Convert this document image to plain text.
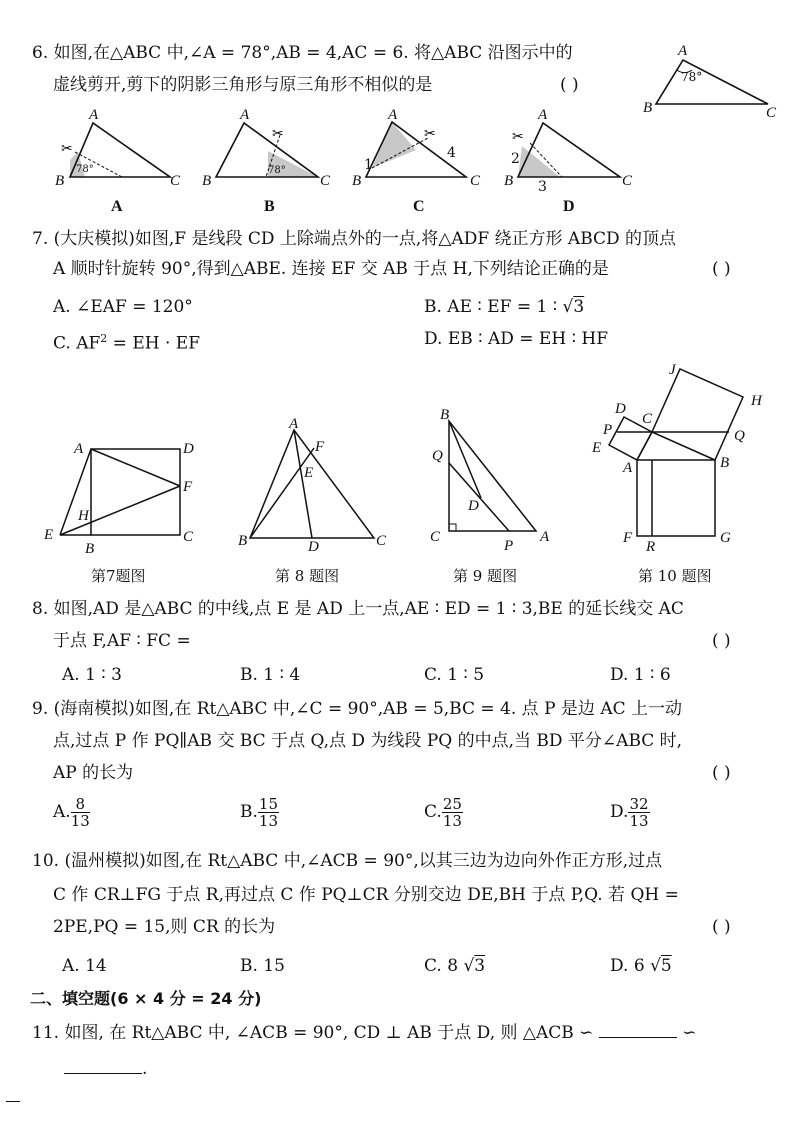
6. 如图,在△ABC 中,∠A = 78°,AB = 4,AC = 6. 将△ABC 沿图示中的
虚线剪开,剪下的阴影三角形与原三角形不相似的是	( )
A
B	C
78°
✂
✂	✂	✂
A
B	C
78°
A
A
B	C
78°
B
A
B	C
1
4
C
A
B	C
2
3
D
7. (大庆模拟)如图,F 是线段 CD 上除端点外的一点,将△ADF 绕正方形 ABCD 的顶点
A 顺时针旋转 90°,得到△ABE. 连接 EF 交 AB 于点 H,下列结论正确的是	( )
A. ∠EAF = 120°	B. AE ∶ EF = 1 ∶ √3
C. $AF^2$ = EH · EF	D. EB ∶ AD = EH ∶ HF
A	D
F
E
H
B
C
第7题图
A
F
E
B	D	C
第 8 题图
B
Q
D
C
P
A
第 9 题图
J
H
D
C
Q
P
E
A	B
F
R
G
第 10 题图
8. 如图,AD 是△ABC 的中线,点 E 是 AD 上一点,AE ∶ ED = 1 ∶ 3,BE 的延长线交 AC
于点 F,AF ∶ FC =	( )
A. 1 ∶ 3	B. 1 ∶ 4	C. 1 ∶ 5	D. 1 ∶ 6
9. (海南模拟)如图,在 Rt△ABC 中,∠C = 90°,AB = 5,BC = 4. 点 P 是边 AC 上一动
点,过点 P 作 PQ∥AB 交 BC 于点 Q,点 D 为线段 PQ 的中点,当 BD 平分∠ABC 时,
AP 的长为	( )
A. $\frac{8}{13}$	B. $\frac{15}{13}$	C. $\frac{25}{13}$	D. $\frac{32}{13}$
10. (温州模拟)如图,在 Rt△ABC 中,∠ACB = 90°,以其三边为边向外作正方形,过点
C 作 CR⊥FG 于点 R,再过点 C 作 PQ⊥CR 分别交边 DE,BH 于点 P,Q. 若 QH =
2PE,PQ = 15,则 CR 的长为	( )
A. 14	B. 15	C. 8 √3	D. 6 √5
二、填空题(6 × 4 分 = 24 分)
11. 如图, 在 Rt△ABC 中, ∠ACB = 90°, CD ⊥ AB 于点 D, 则 △ACB ∽	∽
.
